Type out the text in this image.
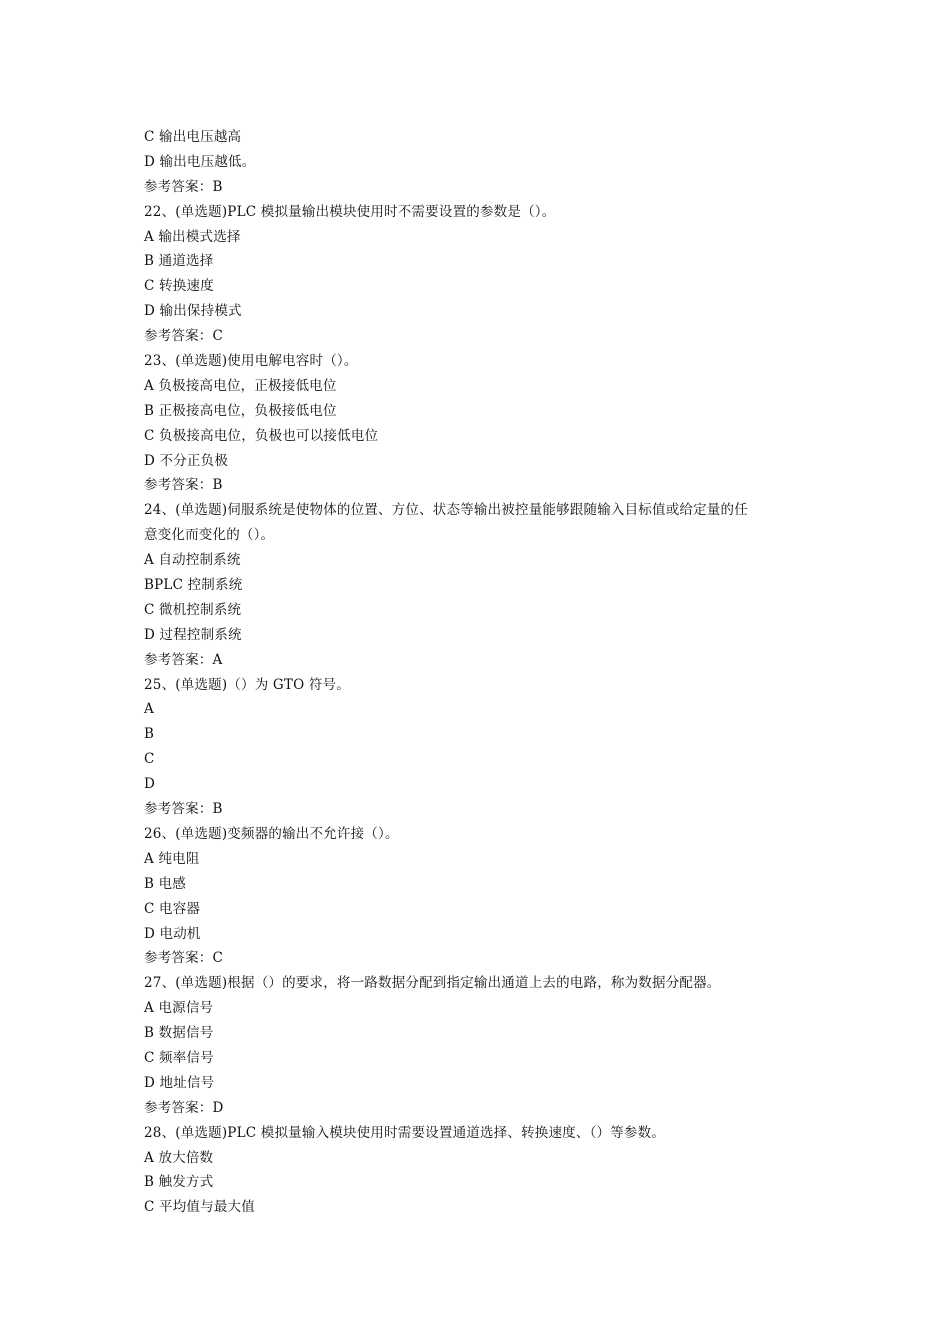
C 输出电压越高
D 输出电压越低。
参考答案：B
22、(单选题)PLC 模拟量输出模块使用时不需要设置的参数是（）。
A 输出模式选择
B 通道选择
C 转换速度
D 输出保持模式
参考答案：C
23、(单选题)使用电解电容时（）。
A 负极接高电位，正极接低电位
B 正极接高电位，负极接低电位
C 负极接高电位，负极也可以接低电位
D 不分正负极
参考答案：B
24、(单选题)伺服系统是使物体的位置、方位、状态等输出被控量能够跟随输入目标值或给定量的任
意变化而变化的（）。
A 自动控制系统
BPLC 控制系统
C 微机控制系统
D 过程控制系统
参考答案：A
25、(单选题)（）为 GTO 符号。
A
B
C
D
参考答案：B
26、(单选题)变频器的输出不允许接（）。
A 纯电阻
B 电感
C 电容器
D 电动机
参考答案：C
27、(单选题)根据（）的要求，将一路数据分配到指定输出通道上去的电路，称为数据分配器。
A 电源信号
B 数据信号
C 频率信号
D 地址信号
参考答案：D
28、(单选题)PLC 模拟量输入模块使用时需要设置通道选择、转换速度、（）等参数。
A 放大倍数
B 触发方式
C 平均值与最大值
